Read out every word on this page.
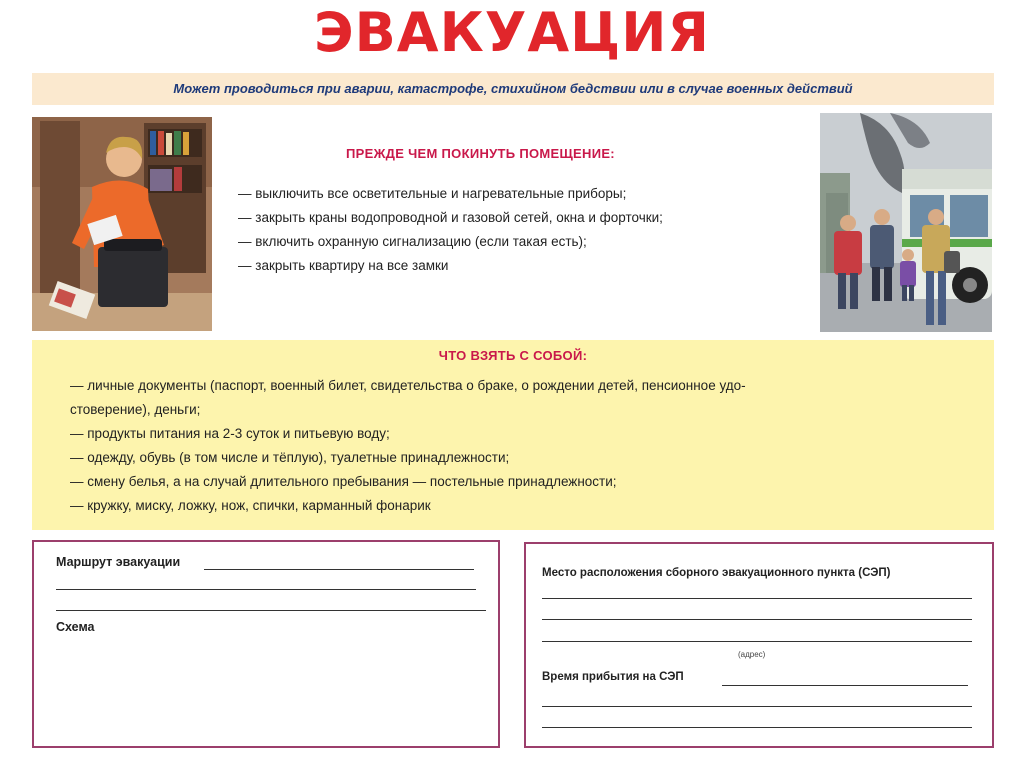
ЭВАКУАЦИЯ
Может проводиться при аварии, катастрофе, стихийном бедствии или в случае военных действий
ПРЕЖДЕ ЧЕМ ПОКИНУТЬ ПОМЕЩЕНИЕ:
— выключить все осветительные и нагревательные приборы;
— закрыть краны водопроводной и газовой сетей, окна и форточки;
— включить охранную сигнализацию (если такая есть);
— закрыть квартиру на все замки
ЧТО ВЗЯТЬ С СОБОЙ:
— личные документы (паспорт, военный билет, свидетельства о браке, о рождении детей, пенсионное удо-
стоверение), деньги;
— продукты питания на 2-3 суток и питьевую воду;
— одежду, обувь (в том числе и тёплую), туалетные принадлежности;
— смену белья, а на случай длительного пребывания — постельные принадлежности;
— кружку, миску, ложку, нож, спички, карманный фонарик
Маршрут эвакуации
Схема
Место расположения сборного эвакуационного пункта (СЭП)
(адрес)
Время прибытия на СЭП
